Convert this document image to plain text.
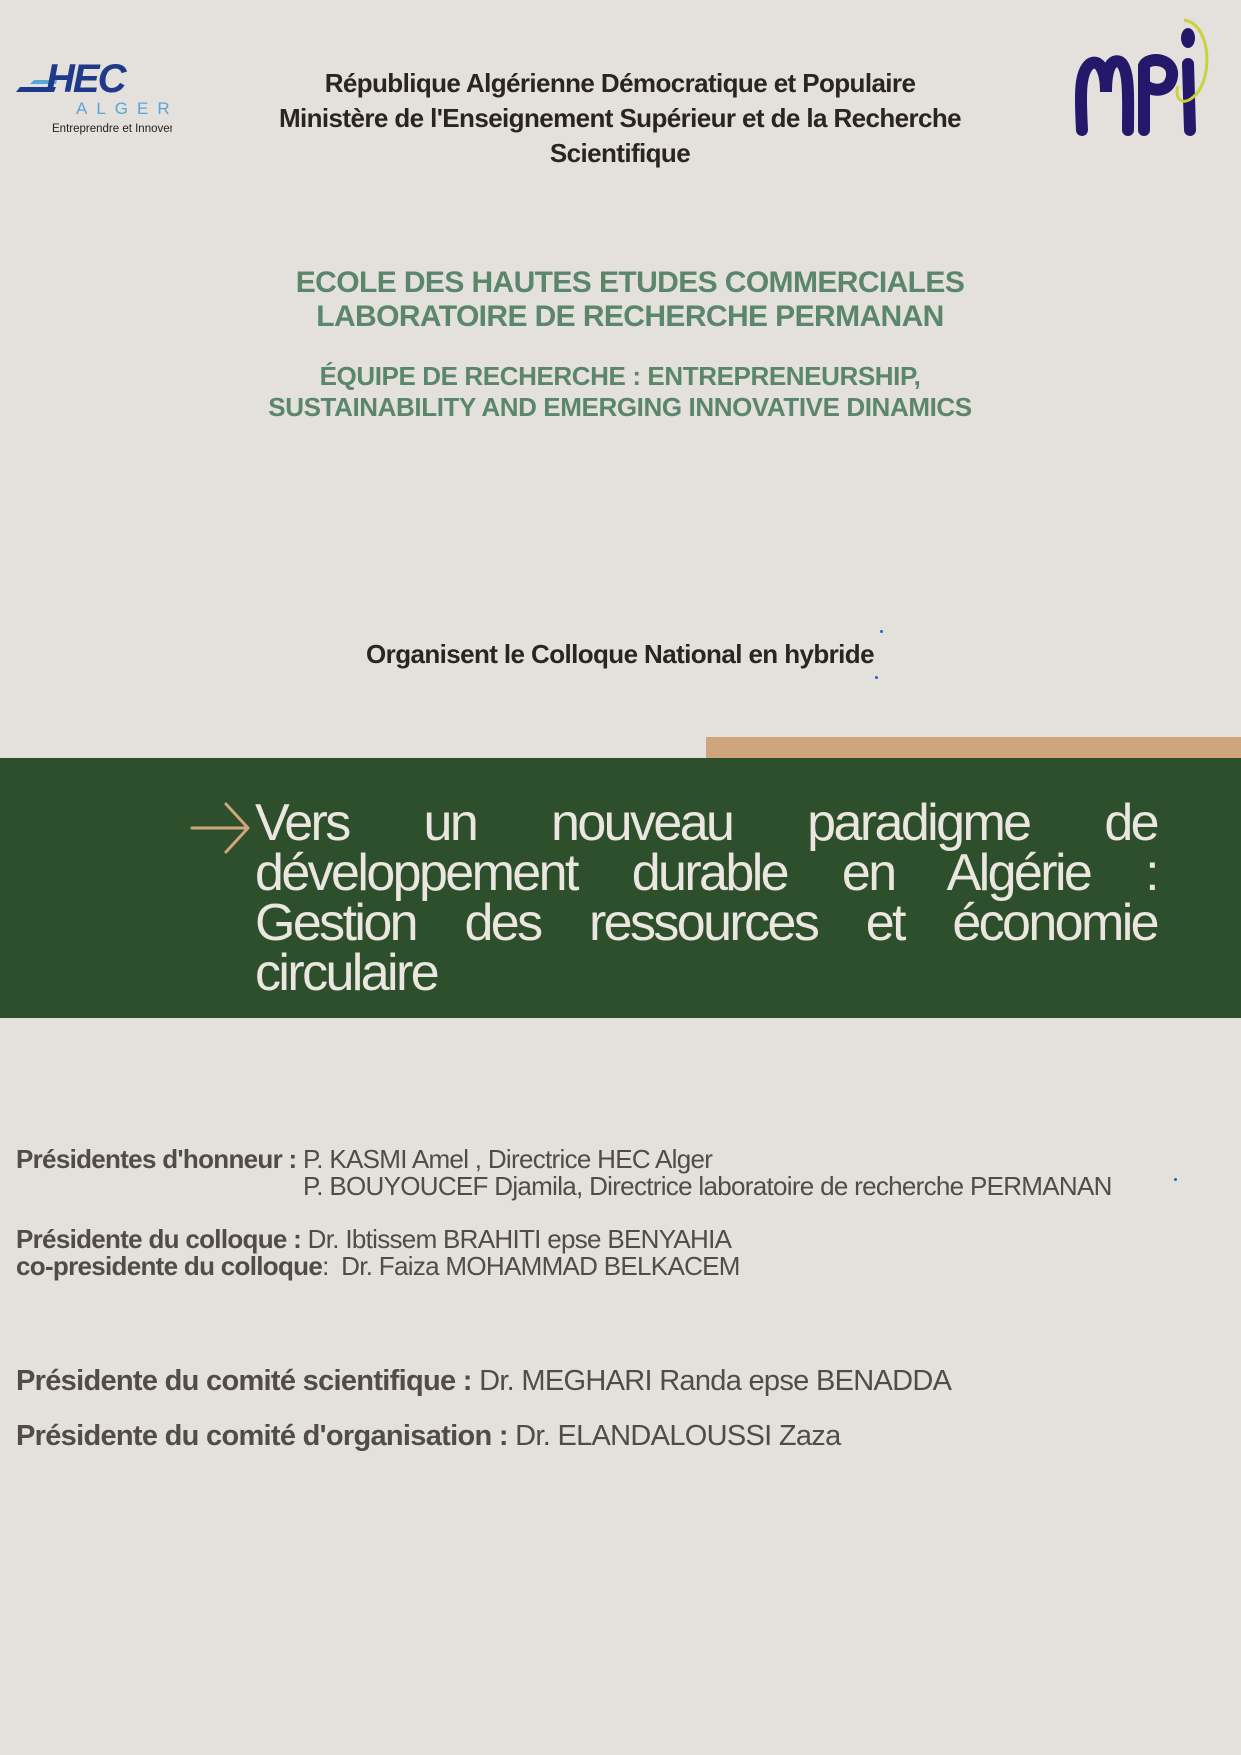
HEC
ALGER
Entreprendre et Innover
République Algérienne Démocratique et Populaire
Ministère de l'Enseignement Supérieur et de la Recherche
Scientifique
ECOLE DES HAUTES ETUDES COMMERCIALES
LABORATOIRE DE RECHERCHE PERMANAN
ÉQUIPE DE RECHERCHE : ENTREPRENEURSHIP,
SUSTAINABILITY AND EMERGING INNOVATIVE DINAMICS
Organisent le Colloque National en hybride
Vers un nouveau paradigme de développement durable en Algérie : Gestion des ressources et économie circulaire
Présidentes d'honneur : P. KASMI Amel , Directrice HEC Alger
P. BOUYOUCEF Djamila, Directrice laboratoire de recherche PERMANAN
Présidente du colloque : Dr. Ibtissem BRAHITI epse BENYAHIA
co-presidente du colloque: Dr. Faiza MOHAMMAD BELKACEM
Présidente du comité scientifique : Dr. MEGHARI Randa epse BENADDA
Présidente du comité d'organisation : Dr. ELANDALOUSSI Zaza
